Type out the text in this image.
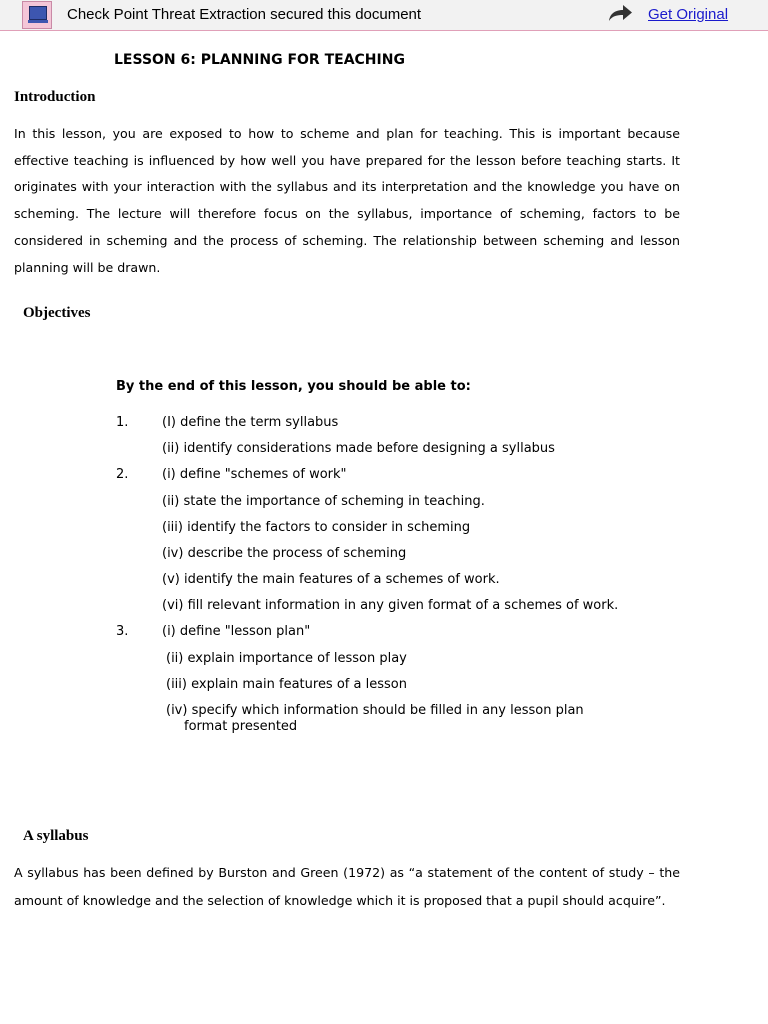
Check Point Threat Extraction secured this document	Get Original
LESSON 6: PLANNING FOR TEACHING
Introduction
In this lesson, you are exposed to how to scheme and plan for teaching. This is important because effective teaching is influenced by how well you have prepared for the lesson before teaching starts. It originates with your interaction with the syllabus and its interpretation and the knowledge you have on scheming. The lecture will therefore focus on the syllabus, importance of scheming, factors to be considered in scheming and the process of scheming. The relationship between scheming and lesson planning will be drawn.
Objectives
By the end of this lesson, you should be able to:
1.
2.
3.
(I) define the term syllabus
(ii) identify considerations made before designing a syllabus
(i) define "schemes of work"
(ii) state the importance of scheming in teaching.
(iii) identify the factors to consider in scheming
(iv) describe the process of scheming
(v) identify the main features of a schemes of work.
(vi) fill relevant information in any given format of a schemes of work.
(i) define "lesson plan"
(ii) explain importance of lesson play
(iii) explain main features of a lesson
(iv) specify which information should be filled in any lesson plan
format presented
A syllabus
A syllabus has been defined by Burston and Green (1972) as “a statement of the content of study – the amount of knowledge and the selection of knowledge which it is proposed that a pupil should acquire”.
